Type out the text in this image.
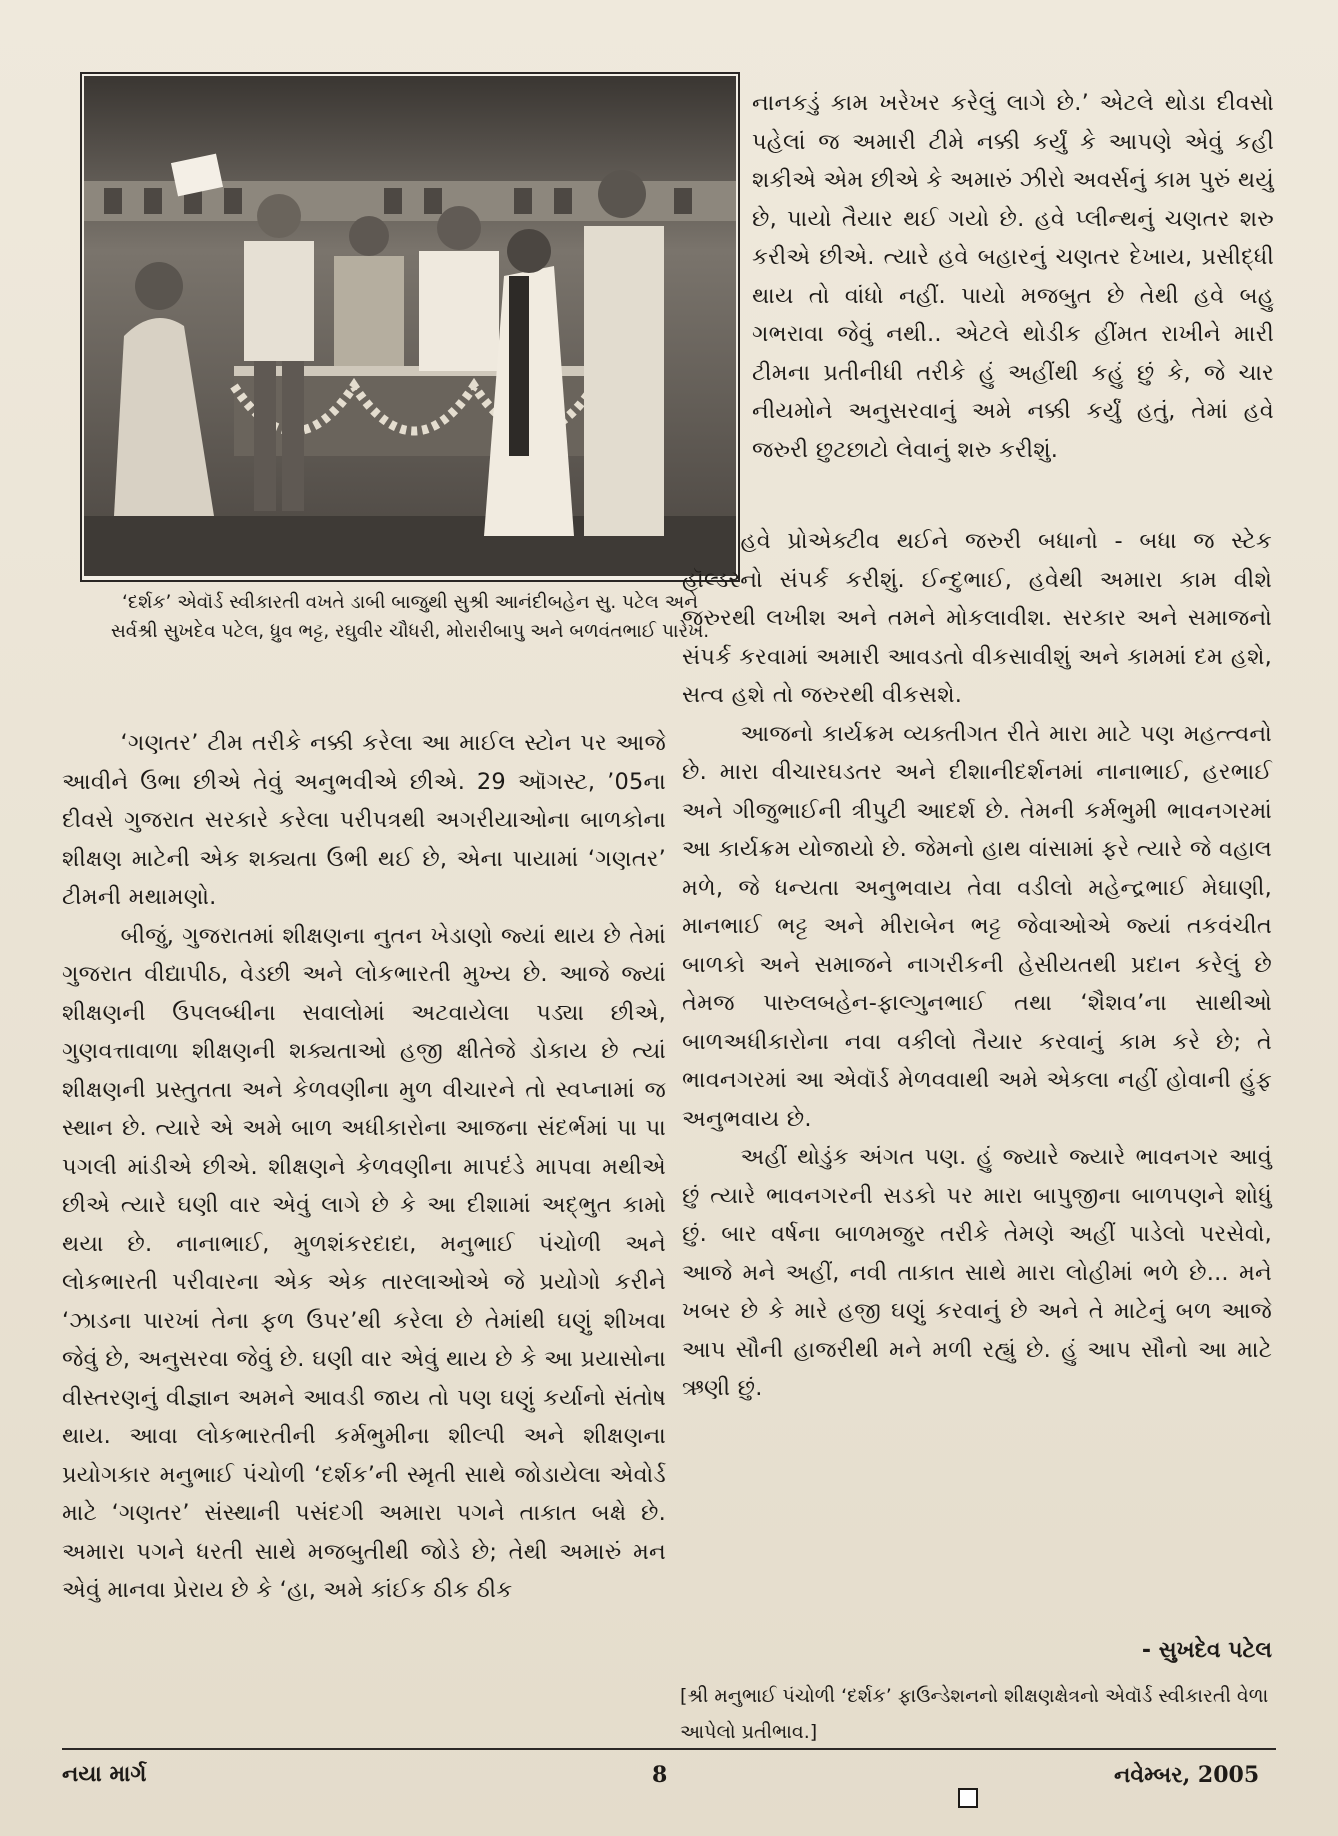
‘દર્શક’ એવૉર્ડ સ્વીકારતી વખતે ડાબી બાજુથી સુશ્રી આનંદીબહેન સુ. પટેલ અને સર્વશ્રી સુખદેવ પટેલ, ધ્રુવ ભટ્ટ, રઘુવીર ચૌધરી, મોરારીબાપુ અને બળવંતભાઈ પારેખ.

નાનકડું કામ ખરેખર કરેલું લાગે છે.’ એટલે થોડા દીવસો પહેલાં જ અમારી ટીમે નક્કી કર્યું કે આપણે એવું કહી શકીએ એમ છીએ કે અમારું ઝીરો અવર્સનું કામ પુરું થયું છે, પાયો તૈયાર થઈ ગયો છે. હવે પ્લીન્થનું ચણતર શરુ કરીએ છીએ. ત્યારે હવે બહારનું ચણતર દેખાય, પ્રસીદ્ધી થાય તો વાંધો નહીં. પાયો મજબુત છે તેથી હવે બહુ ગભરાવા જેવું નથી.. એટલે થોડીક હીંમત રાખીને મારી ટીમના પ્રતીનીધી તરીકે હું અહીંથી કહું છું કે, જે ચાર નીયમોને અનુસરવાનું અમે નક્કી કર્યું હતું, તેમાં હવે જરુરી છુટછાટો લેવાનું શરુ કરીશું.

‘ગણતર’ ટીમ તરીકે નક્કી કરેલા આ માઈલ સ્ટોન પર આજે આવીને ઉભા છીએ તેવું અનુભવીએ છીએ. 29 ઑગસ્ટ, ’05ના દીવસે ગુજરાત સરકારે કરેલા પરીપત્રથી અગરીયાઓના બાળકોના શીક્ષણ માટેની એક શક્યતા ઉભી થઈ છે, એના પાયામાં ‘ગણતર’ ટીમની મથામણો.

બીજું, ગુજરાતમાં શીક્ષણના નુતન ખેડાણો જ્યાં થાય છે તેમાં ગુજરાત વીદ્યાપીઠ, વેડછી અને લોકભારતી મુખ્ય છે. આજે જ્યાં શીક્ષણની ઉપલબ્ધીના સવાલોમાં અટવાયેલા પડ્યા છીએ, ગુણવત્તાવાળા શીક્ષણની શક્યતાઓ હજી ક્ષીતેજે ડોકાય છે ત્યાં શીક્ષણની પ્રસ્તુતતા અને કેળવણીના મુળ વીચારને તો સ્વપ્નામાં જ સ્થાન છે. ત્યારે એ અમે બાળ અધીકારોના આજના સંદર્ભમાં પા પા પગલી માંડીએ છીએ. શીક્ષણને કેળવણીના માપદંડે માપવા મથીએ છીએ ત્યારે ઘણી વાર એવું લાગે છે કે આ દીશામાં અદ્ભુત કામો થયા છે. નાનાભાઈ, મુળશંકરદાદા, મનુભાઈ પંચોળી અને લોકભારતી પરીવારના એક એક તારલાઓએ જે પ્રયોગો કરીને ‘ઝાડના પારખાં તેના ફળ ઉપર’થી કરેલા છે તેમાંથી ઘણું શીખવા જેવું છે, અનુસરવા જેવું છે. ઘણી વાર એવું થાય છે કે આ પ્રયાસોના વીસ્તરણનું વીજ્ઞાન અમને આવડી જાય તો પણ ઘણું કર્યાનો સંતોષ થાય. આવા લોકભારતીની કર્મભુમીના શીલ્પી અને શીક્ષણના પ્રયોગકાર મનુભાઈ પંચોળી ‘દર્શક’ની સ્મૃતી સાથે જોડાયેલા એવોર્ડ માટે ‘ગણતર’ સંસ્થાની પસંદગી અમારા પગને તાકાત બક્ષે છે. અમારા પગને ધરતી સાથે મજબુતીથી જોડે છે; તેથી અમારું મન એવું માનવા પ્રેરાય છે કે ‘હા, અમે કાંઈક ઠીક ઠીક

હવે પ્રોએક્ટીવ થઈને જરુરી બધાનો - બધા જ સ્ટેક હૉલ્ડરનો સંપર્ક કરીશું. ઈન્દુભાઈ, હવેથી અમારા કામ વીશે જરુરથી લખીશ અને તમને મોકલાવીશ. સરકાર અને સમાજનો સંપર્ક કરવામાં અમારી આવડતો વીકસાવીશું અને કામમાં દમ હશે, સત્વ હશે તો જરુરથી વીકસશે.

આજનો કાર્યક્રમ વ્યક્તીગત રીતે મારા માટે પણ મહત્ત્વનો છે. મારા વીચારઘડતર અને દીશાનીદર્શનમાં નાનાભાઈ, હરભાઈ અને ગીજુભાઈની ત્રીપુટી આદર્શ છે. તેમની કર્મભુમી ભાવનગરમાં આ કાર્યક્રમ યોજાયો છે. જેમનો હાથ વાંસામાં ફરે ત્યારે જે વહાલ મળે, જે ધન્યતા અનુભવાય તેવા વડીલો મહેન્દ્રભાઈ મેઘાણી, માનભાઈ ભટ્ટ અને મીરાબેન ભટ્ટ જેવાઓએ જ્યાં તકવંચીત બાળકો અને સમાજને નાગરીકની હેસીયતથી પ્રદાન કરેલું છે તેમજ પારુલબહેન-ફાલ્ગુનભાઈ તથા ‘શૈશવ’ના સાથીઓ બાળઅધીકારોના નવા વકીલો તૈયાર કરવાનું કામ કરે છે; તે ભાવનગરમાં આ એવૉર્ડ મેળવવાથી અમે એકલા નહીં હોવાની હુંફ અનુભવાય છે.

અહીં થોડુંક અંગત પણ. હું જ્યારે જ્યારે ભાવનગર આવું છું ત્યારે ભાવનગરની સડકો પર મારા બાપુજીના બાળપણને શોધું છું. બાર વર્ષના બાળમજુર તરીકે તેમણે અહીં પાડેલો પરસેવો, આજે મને અહીં, નવી તાકાત સાથે મારા લોહીમાં ભળે છે... મને ખબર છે કે મારે હજી ઘણું કરવાનું છે અને તે માટેનું બળ આજે આપ સૌની હાજરીથી મને મળી રહ્યું છે. હું આપ સૌનો આ માટે ઋણી છું.

- સુખદેવ પટેલ
[શ્રી મનુભાઈ પંચોળી ‘દર્શક’ ફાઉન્ડેશનનો શીક્ષણક્ષેત્રનો એવૉર્ડ સ્વીકારતી વેળા આપેલો પ્રતીભાવ.]
નયા માર્ગ	8	નવેમ્બર, 2005
